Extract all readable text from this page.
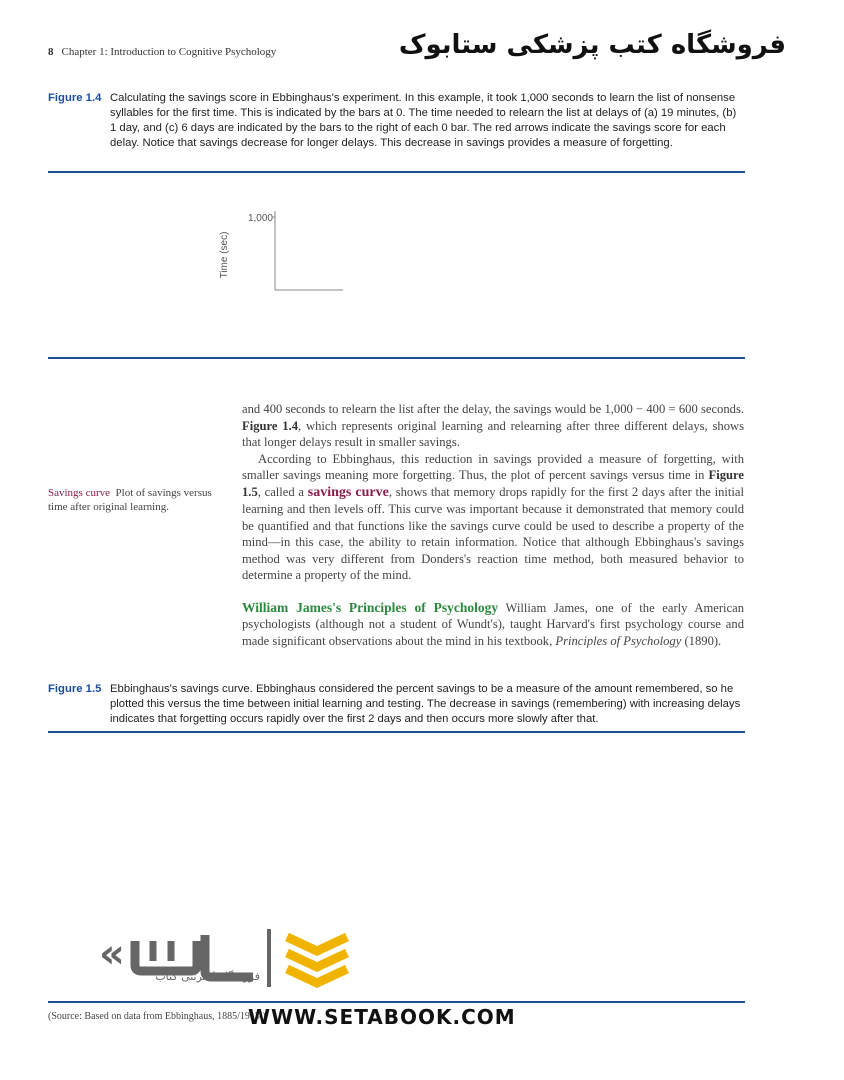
8 Chapter 1: Introduction to Cognitive Psychology	فروشگاه کتب پزشکی ستابوک
Figure 1.4 Calculating the savings score in Ebbinghaus's experiment. In this example, it took 1,000 seconds to learn the list of nonsense syllables for the first time. This is indicated by the bars at 0. The time needed to relearn the list at delays of (a) 19 minutes, (b) 1 day, and (c) 6 days are indicated by the bars to the right of each 0 bar. The red arrows indicate the savings score for each delay. Notice that savings decrease for longer delays. This decrease in savings provides a measure of forgetting.
Time (sec)
1,000

and 400 seconds to relearn the list after the delay, the savings would be 1,000 − 400 = 600 seconds. Figure 1.4, which represents original learning and relearning after three different delays, shows that longer delays result in smaller savings.

According to Ebbinghaus, this reduction in savings provided a measure of forgetting, with smaller savings meaning more forgetting. Thus, the plot of percent savings versus time in Figure 1.5, called a savings curve, shows that memory drops rapidly for the first 2 days after the initial learning and then levels off. This curve was important because it demonstrated that memory could be quantified and that functions like the savings curve could be used to describe a property of the mind—in this case, the ability to retain information. Notice that although Ebbinghaus's savings method was very different from Donders's reaction time method, both measured behavior to determine a property of the mind.

William James's Principles of Psychology William James, one of the early American psychologists (although not a student of Wundt's), taught Harvard's first psychology course and made significant observations about the mind in his textbook, Principles of Psychology (1890).

Savings curve Plot of savings versus time after original learning.
Figure 1.5 Ebbinghaus's savings curve. Ebbinghaus considered the percent savings to be a measure of the amount remembered, so he plotted this versus the time between initial learning and testing. The decrease in savings (remembering) with increasing delays indicates that forgetting occurs rapidly over the first 2 days and then occurs more slowly after that.
«	فروشگاه اینترنتی کتاب
(Source: Based on data from Ebbinghaus, 1885/1913.)
WWW.SETABOOK.COM
